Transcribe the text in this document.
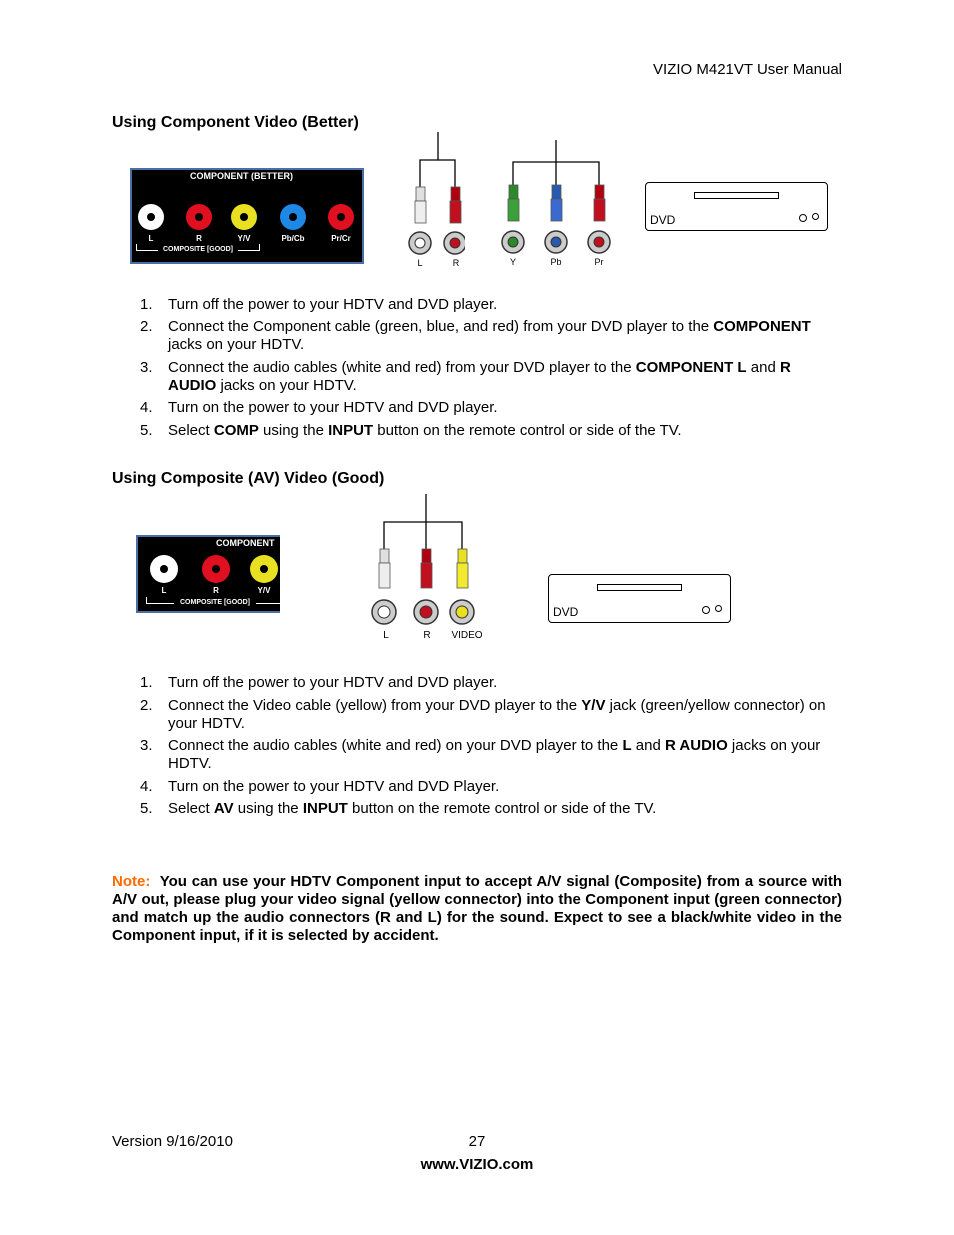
VIZIO M421VT User Manual
Using Component Video (Better)
COMPONENT (BETTER)
L	R	Y/V	Pb/Cb	Pr/Cr
COMPOSITE [GOOD]
L	R	Y	Pb	Pr
DVD
1. Turn off the power to your HDTV and DVD player.
2. Connect the Component cable (green, blue, and red) from your DVD player to the COMPONENT jacks on your HDTV.
3. Connect the audio cables (white and red) from your DVD player to the COMPONENT L and R AUDIO jacks on your HDTV.
4. Turn on the power to your HDTV and DVD player.
5. Select COMP using the INPUT button on the remote control or side of the TV.
Using Composite (AV) Video (Good)
COMPONENT
L	R	Y/V
COMPOSITE [GOOD]
L	R VIDEO
DVD
1. Turn off the power to your HDTV and DVD player.
2. Connect the Video cable (yellow) from your DVD player to the Y/V jack (green/yellow connector) on your HDTV.
3. Connect the audio cables (white and red) on your DVD player to the L and R AUDIO jacks on your HDTV.
4. Turn on the power to your HDTV and DVD Player.
5. Select AV using the INPUT button on the remote control or side of the TV.
Note: You can use your HDTV Component input to accept A/V signal (Composite) from a source with A/V out, please plug your video signal (yellow connector) into the Component input (green connector) and match up the audio connectors (R and L) for the sound. Expect to see a black/white video in the Component input, if it is selected by accident.
Version 9/16/2010	27
www.VIZIO.com
